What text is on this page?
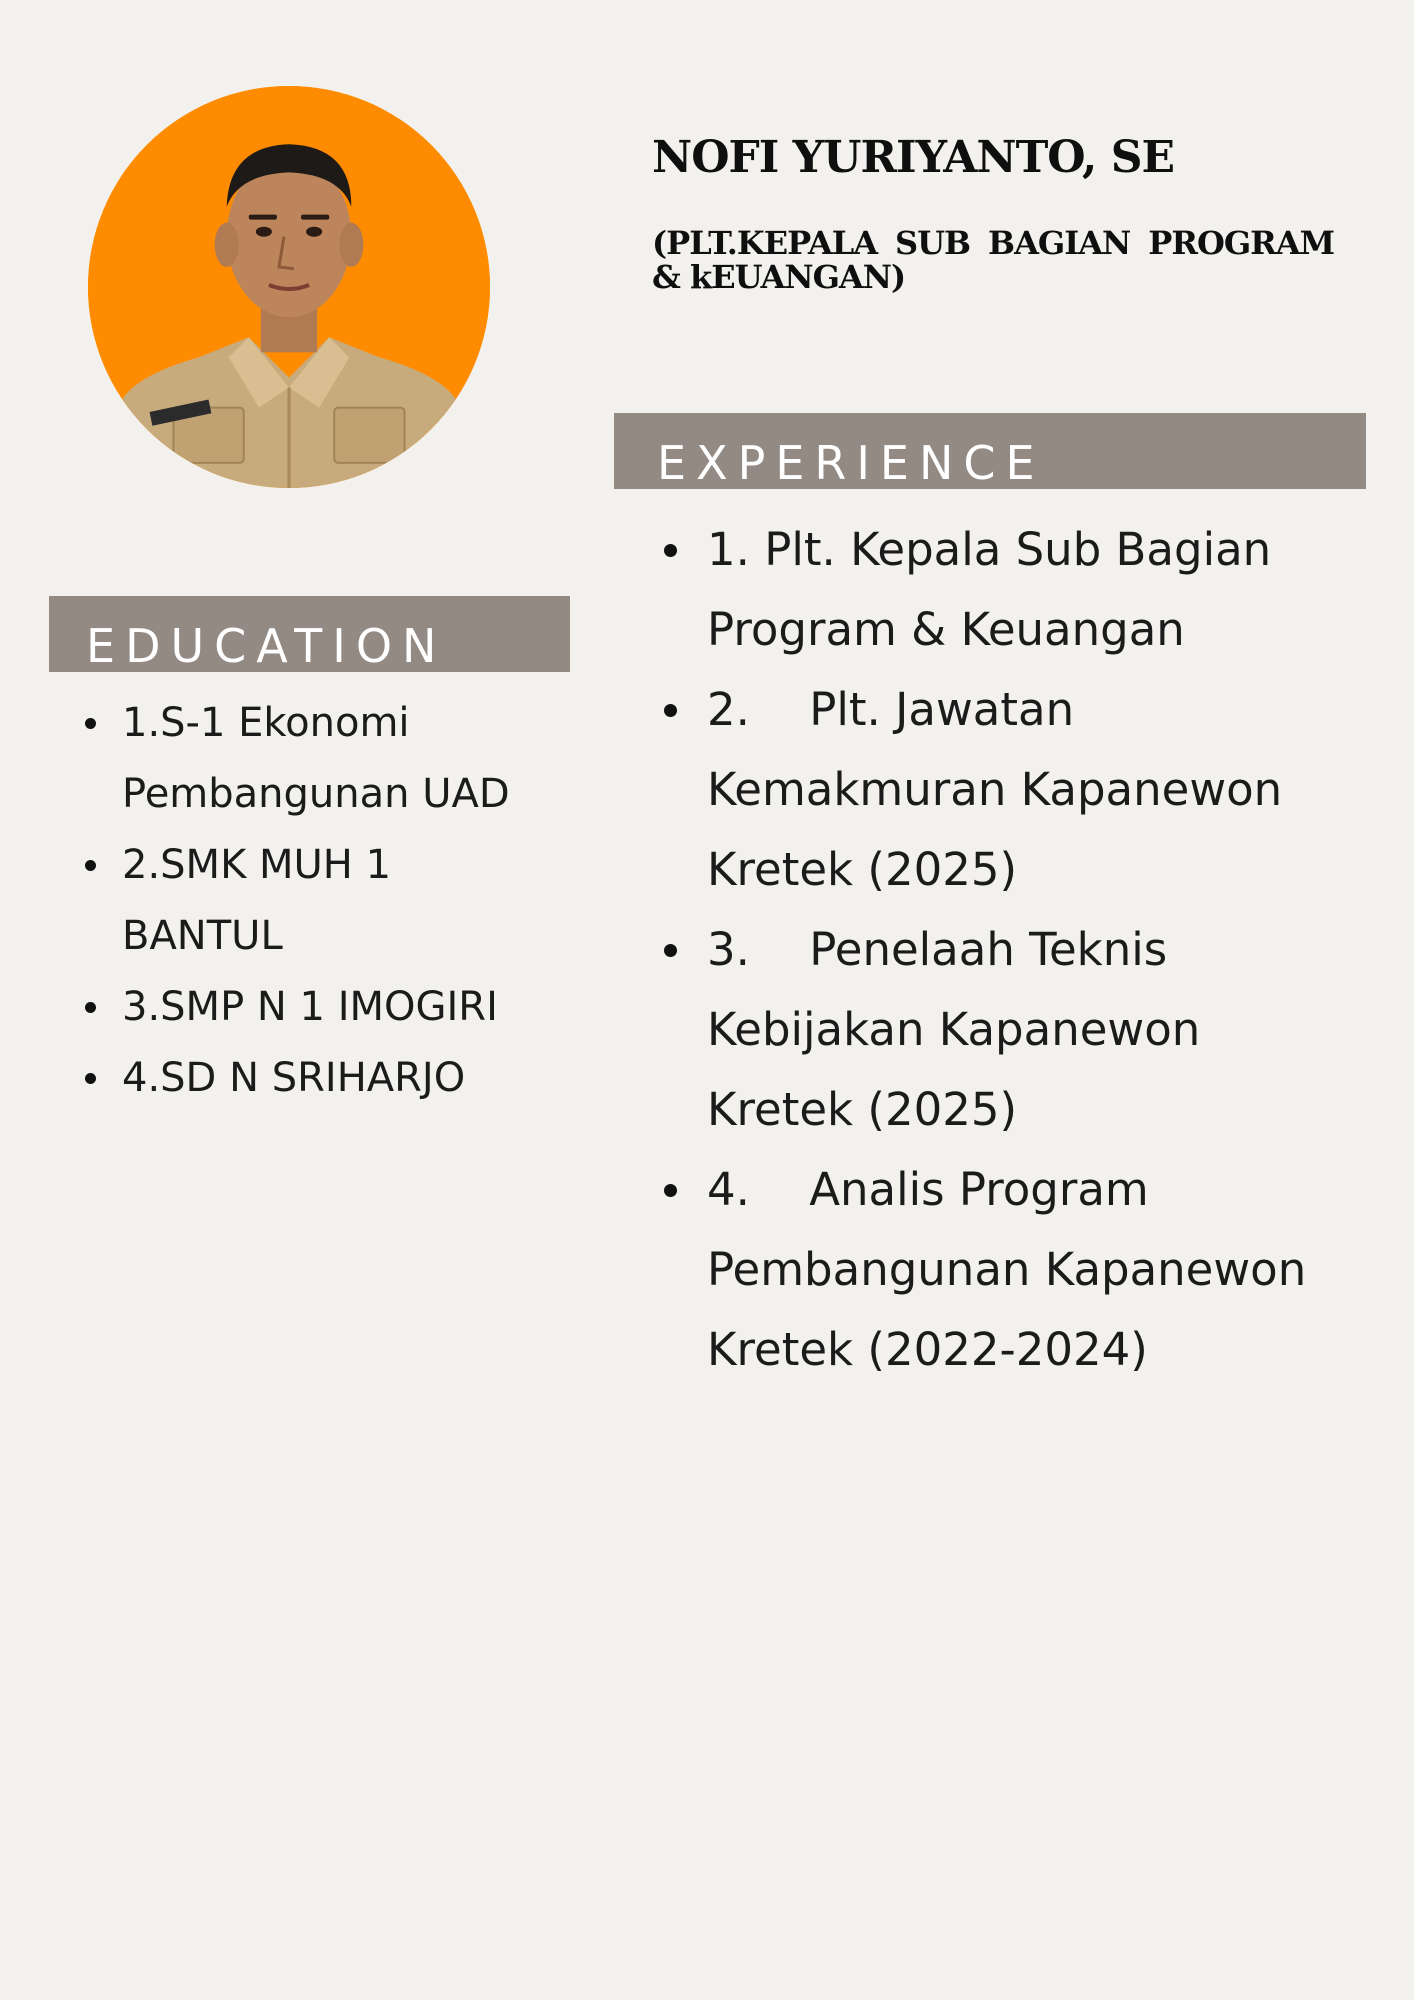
NOFI YURIYANTO, SE

(PLT.KEPALA SUB BAGIAN PROGRAM & kEUANGAN)

EDUCATION
1.S-1 Ekonomi Pembangunan UAD
2.SMK MUH 1 BANTUL
3.SMP N 1 IMOGIRI
4.SD N SRIHARJO
EXPERIENCE
1. Plt. Kepala Sub Bagian Program & Keuangan
2.  Plt. Jawatan Kemakmuran Kapanewon Kretek (2025)
3.  Penelaah Teknis Kebijakan Kapanewon Kretek (2025)
4.  Analis Program Pembangunan Kapanewon Kretek (2022-2024)
